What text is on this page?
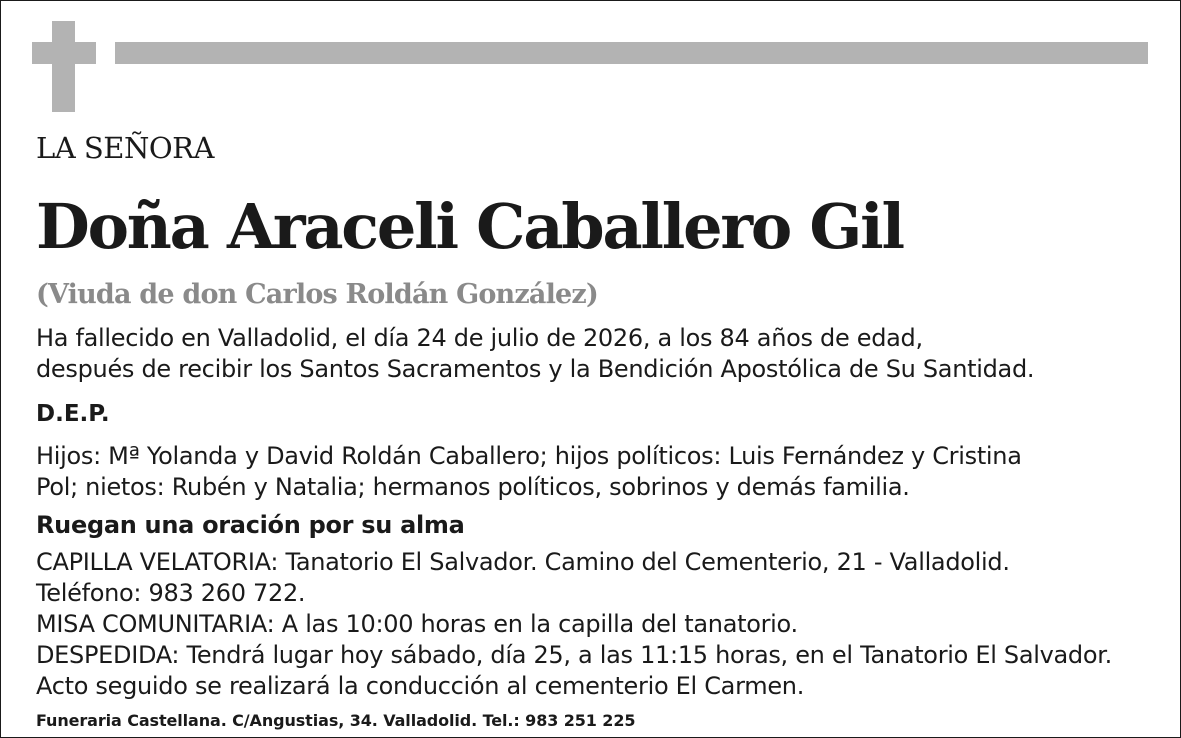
LA SEÑORA

Doña Araceli Caballero Gil

(Viuda de don Carlos Roldán González)

Ha fallecido en Valladolid, el día 24 de julio de 2026, a los 84 años de edad,
después de recibir los Santos Sacramentos y la Bendición Apostólica de Su Santidad.

D.E.P.

Hijos: Mª Yolanda y David Roldán Caballero; hijos políticos: Luis Fernández y Cristina
Pol; nietos: Rubén y Natalia; hermanos políticos, sobrinos y demás familia.

Ruegan una oración por su alma

CAPILLA VELATORIA: Tanatorio El Salvador. Camino del Cementerio, 21 - Valladolid.
Teléfono: 983 260 722.
MISA COMUNITARIA: A las 10:00 horas en la capilla del tanatorio.
DESPEDIDA: Tendrá lugar hoy sábado, día 25, a las 11:15 horas, en el Tanatorio El Salvador.
Acto seguido se realizará la conducción al cementerio El Carmen.

Funeraria Castellana. C/Angustias, 34. Valladolid. Tel.: 983 251 225
